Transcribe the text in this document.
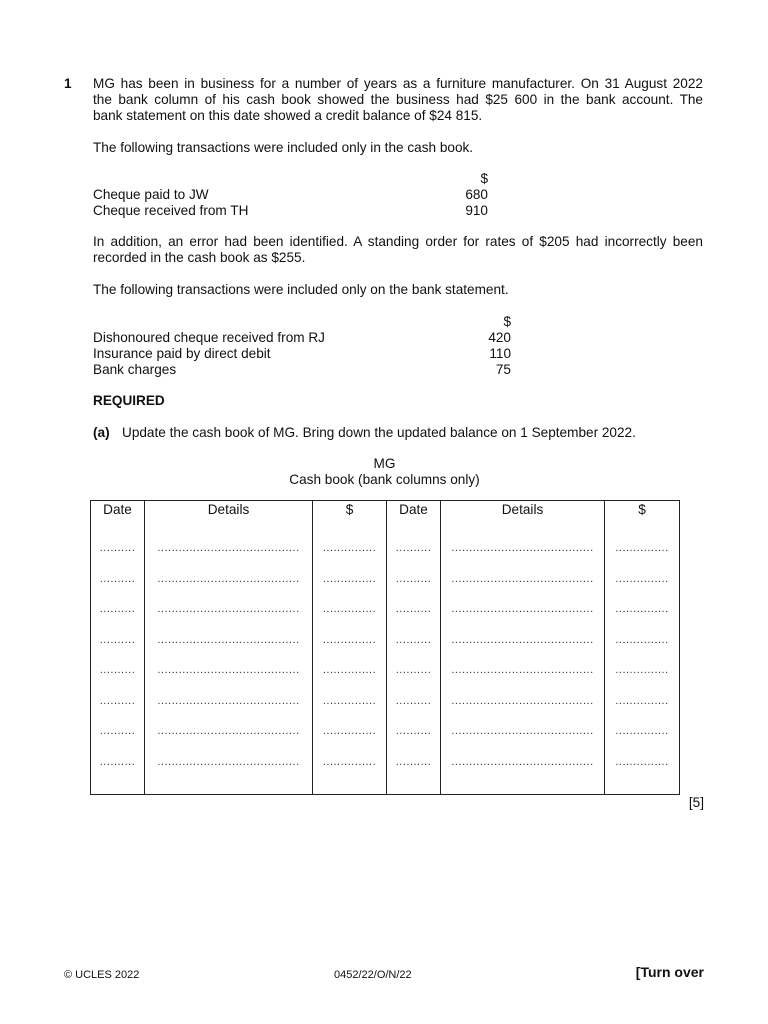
1 MG has been in business for a number of years as a furniture manufacturer. On 31 August 2022
the bank column of his cash book showed the business had $25 600 in the bank account. The
bank statement on this date showed a credit balance of $24 815.
The following transactions were included only in the cash book.
$
Cheque paid to JW	680
Cheque received from TH	910
In addition, an error had been identified. A standing order for rates of $205 had incorrectly been
recorded in the cash book as $255.
The following transactions were included only on the bank statement.
$
Dishonoured cheque received from RJ	420
Insurance paid by direct debit	110
Bank charges	75
REQUIRED
(a) Update the cash book of MG. Bring down the updated balance on 1 September 2022.
MG
Cash book (bank columns only)
Date	Details	$	Date	Details	$

..........	........................................	...............	..........	........................................	...............
..........	........................................	...............	..........	........................................	...............
..........	........................................	...............	..........	........................................	...............
..........	........................................	...............	..........	........................................	...............
..........	........................................	...............	..........	........................................	...............
..........	........................................	...............	..........	........................................	...............
..........	........................................	...............	..........	........................................	...............
..........	........................................	...............	..........	........................................	...............

[5]
© UCLES 2022	0452/22/O/N/22	[Turn over
